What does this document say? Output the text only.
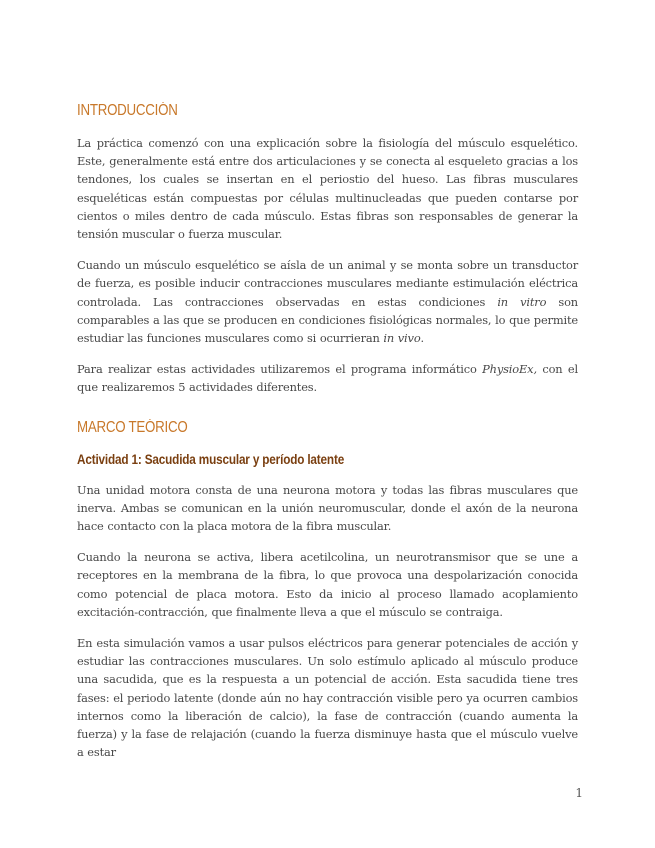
INTRODUCCIÓN

La práctica comenzó con una explicación sobre la fisiología del músculo esquelético. Este, generalmente está entre dos articulaciones y se conecta al esqueleto gracias a los tendones, los cuales se insertan en el periostio del hueso. Las fibras musculares esqueléticas están compuestas por células multinucleadas que pueden contarse por cientos o miles dentro de cada músculo. Estas fibras son responsables de generar la tensión muscular o fuerza muscular.

Cuando un músculo esquelético se aísla de un animal y se monta sobre un transductor de fuerza, es posible inducir contracciones musculares mediante estimulación eléctrica controlada. Las contracciones observadas en estas condiciones in vitro son comparables a las que se producen en condiciones fisiológicas normales, lo que permite estudiar las funciones musculares como si ocurrieran in vivo.

Para realizar estas actividades utilizaremos el programa informático PhysioEx, con el que realizaremos 5 actividades diferentes.

MARCO TEÓRICO
Actividad 1: Sacudida muscular y período latente

Una unidad motora consta de una neurona motora y todas las fibras musculares que inerva. Ambas se comunican en la unión neuromuscular, donde el axón de la neurona hace contacto con la placa motora de la fibra muscular.

Cuando la neurona se activa, libera acetilcolina, un neurotransmisor que se une a receptores en la membrana de la fibra, lo que provoca una despolarización conocida como potencial de placa motora. Esto da inicio al proceso llamado acoplamiento excitación-contracción, que finalmente lleva a que el músculo se contraiga.

En esta simulación vamos a usar pulsos eléctricos para generar potenciales de acción y estudiar las contracciones musculares. Un solo estímulo aplicado al músculo produce una sacudida, que es la respuesta a un potencial de acción. Esta sacudida tiene tres fases: el periodo latente (donde aún no hay contracción visible pero ya ocurren cambios internos como la liberación de calcio), la fase de contracción (cuando aumenta la fuerza) y la fase de relajación (cuando la fuerza disminuye hasta que el músculo vuelve a estar

1
